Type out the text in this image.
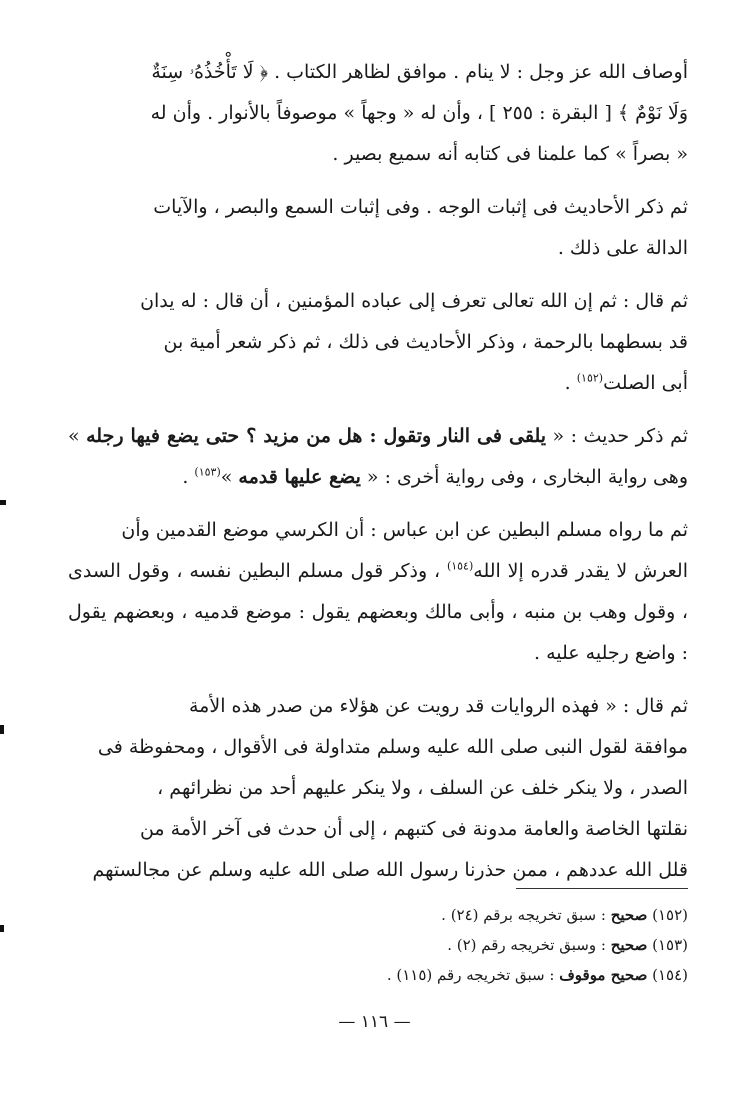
أوصاف الله عز وجل : لا ينام . موافق لظاهر الكتاب . ﴿ لَا تَأْخُذُهُۥ سِنَةٌ
وَلَا نَوْمٌ ﴾ [ البقرة : ٢٥٥ ] ، وأن له « وجهاً » موصوفاً بالأنوار . وأن له
« بصراً » كما علمنا فى كتابه أنه سميع بصير .

ثم ذكر الأحاديث فى إثبات الوجه . وفى إثبات السمع والبصر ، والآيات
الدالة على ذلك .

ثم قال : ثم إن الله تعالى تعرف إلى عباده المؤمنين ، أن قال : له يدان
قد بسطهما بالرحمة ، وذكر الأحاديث فى ذلك ، ثم ذكر شعر أمية بن
أبى الصلت$^{(١٥٢)}$ .

ثم ذكر حديث : « يلقى فى النار وتقول : هل من مزيد ؟ حتى يضع فيها رجله » وهى رواية البخارى ، وفى رواية أخرى : « يضع عليها قدمه »$^{(١٥٣)}$ .

ثم ما رواه مسلم البطين عن ابن عباس : أن الكرسي موضع القدمين وأن
العرش لا يقدر قدره إلا الله$^{(١٥٤)}$ ، وذكر قول مسلم البطين نفسه ، وقول السدى ، وقول وهب بن منبه ، وأبى مالك وبعضهم يقول : موضع قدميه ، وبعضهم يقول : واضع رجليه عليه .

ثم قال : « فهذه الروايات قد رويت عن هؤلاء من صدر هذه الأمة
موافقة لقول النبى صلى الله عليه وسلم متداولة فى الأقوال ، ومحفوظة فى
الصدر ، ولا ينكر خلف عن السلف ، ولا ينكر عليهم أحد من نظرائهم ،
نقلتها الخاصة والعامة مدونة فى كتبهم ، إلى أن حدث فى آخر الأمة من
قلل الله عددهم ، ممن حذرنا رسول الله صلى الله عليه وسلم عن مجالستهم

(١٥٢) صحيح : سبق تخريجه برقم (٢٤) .
(١٥٣) صحيح : وسبق تخريجه رقم (٢) .
(١٥٤) صحيح موقوف : سبق تخريجه رقم (١١٥) .
— ١١٦ —
